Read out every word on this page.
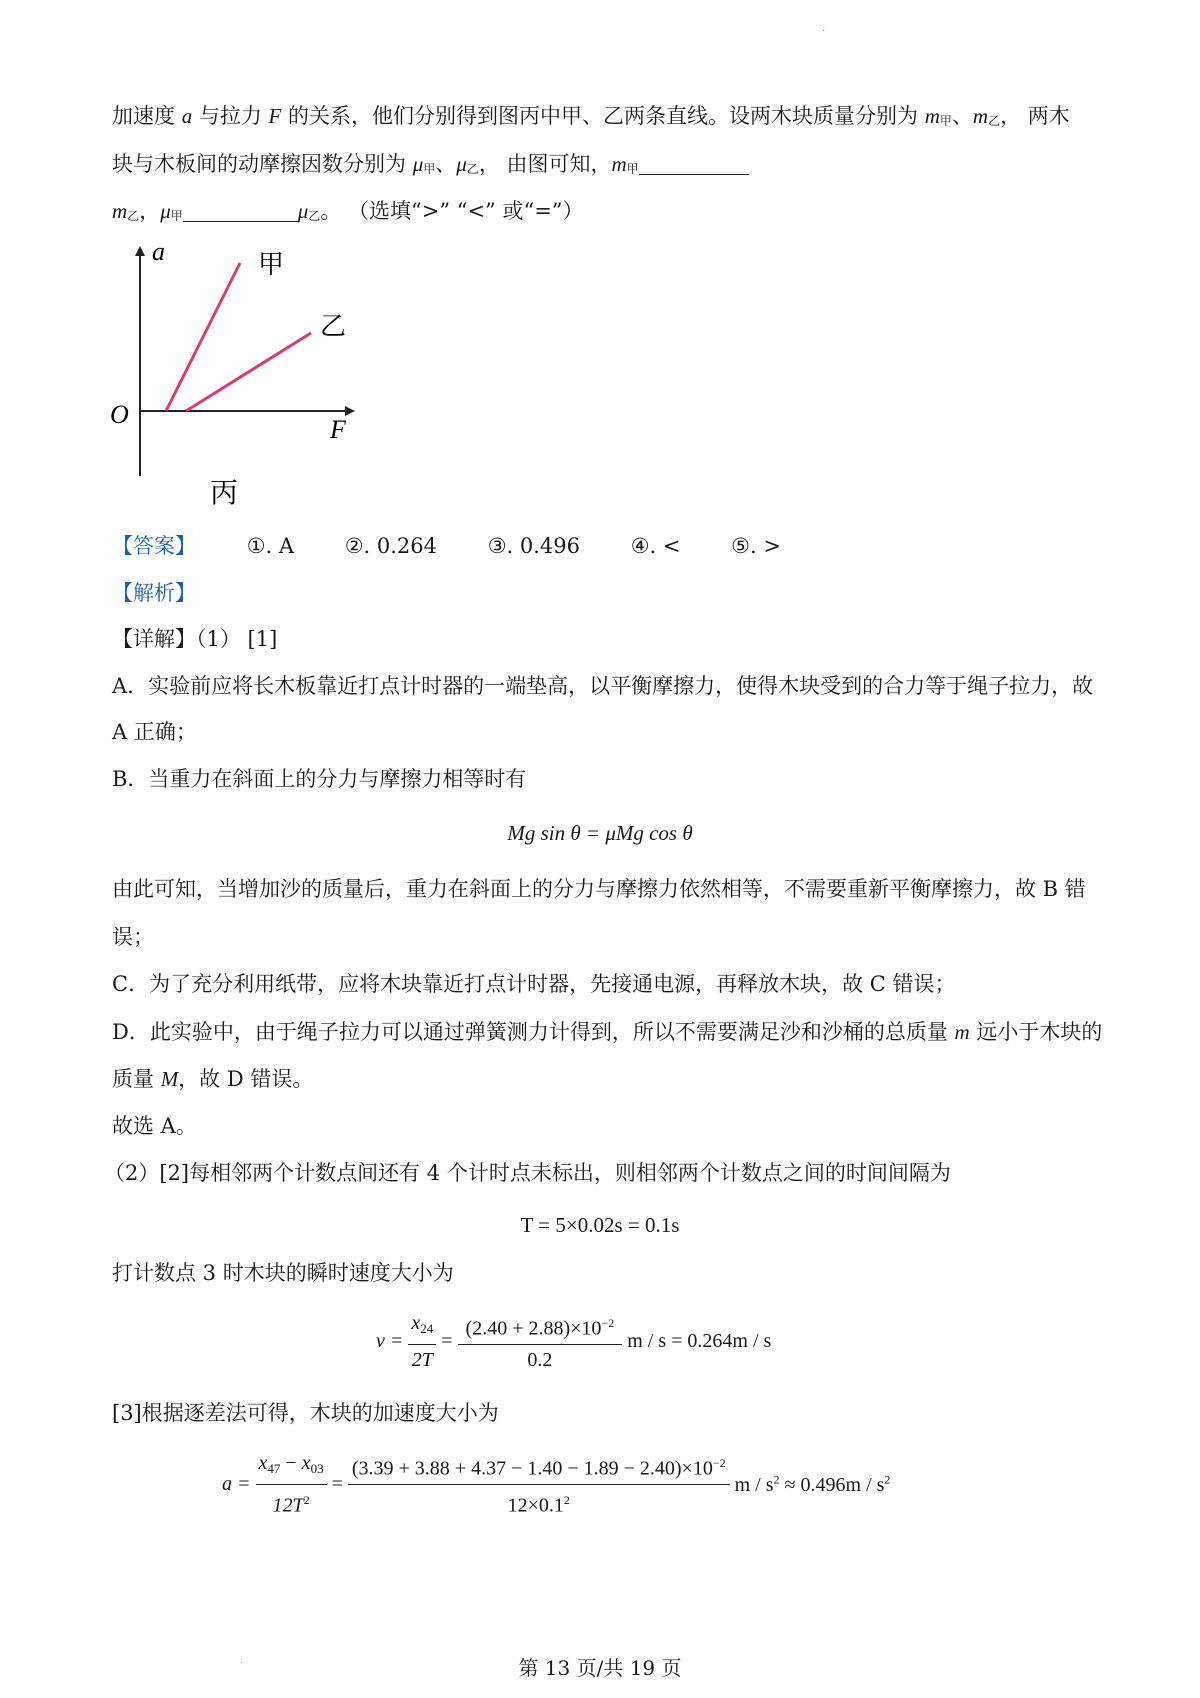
·
加速度 a 与拉力 F 的关系，他们分别得到图丙中甲、乙两条直线。设两木块质量分别为 m甲、m乙， 两木
块与木板间的动摩擦因数分别为 μ甲、μ乙， 由图可知，m甲
m乙，μ甲	μ乙。 （选填“>” “<” 或“=”）
a
F
O
甲
乙
丙
【答案】 ①. A ②. 0.264 ③. 0.496 ④. < ⑤. >
【解析】
【详解】（1） [1]
A．实验前应将长木板靠近打点计时器的一端垫高，以平衡摩擦力，使得木块受到的合力等于绳子拉力，故
A 正确；
B．当重力在斜面上的分力与摩擦力相等时有
Mg sin θ = μMg cos θ
由此可知，当增加沙的质量后，重力在斜面上的分力与摩擦力依然相等，不需要重新平衡摩擦力，故 B 错
误；
C．为了充分利用纸带，应将木块靠近打点计时器，先接通电源，再释放木块，故 C 错误；
D．此实验中，由于绳子拉力可以通过弹簧测力计得到，所以不需要满足沙和沙桶的总质量 m 远小于木块的
质量 M，故 D 错误。
故选 A。
（2）[2]每相邻两个计数点间还有 4 个计时点未标出，则相邻两个计数点之间的时间间隔为
T = 5×0.02s = 0.1s
打计数点 3 时木块的瞬时速度大小为
$v = \frac{x_{24}}{2T} = \frac{(2.40 + 2.88)\times 10^{-2}}{0.2}$ m / s = 0.264m / s
[3]根据逐差法可得，木块的加速度大小为
$a = \frac{x_{47} - x_{03}}{12T^2} = \frac{(3.39 + 3.88 + 4.37 - 1.40 - 1.89 - 2.40)\times 10^{-2}}{12\times 0.1^2}$ $m / s^2 \approx 0.496m / s^2$
·	第 13 页/共 19 页
